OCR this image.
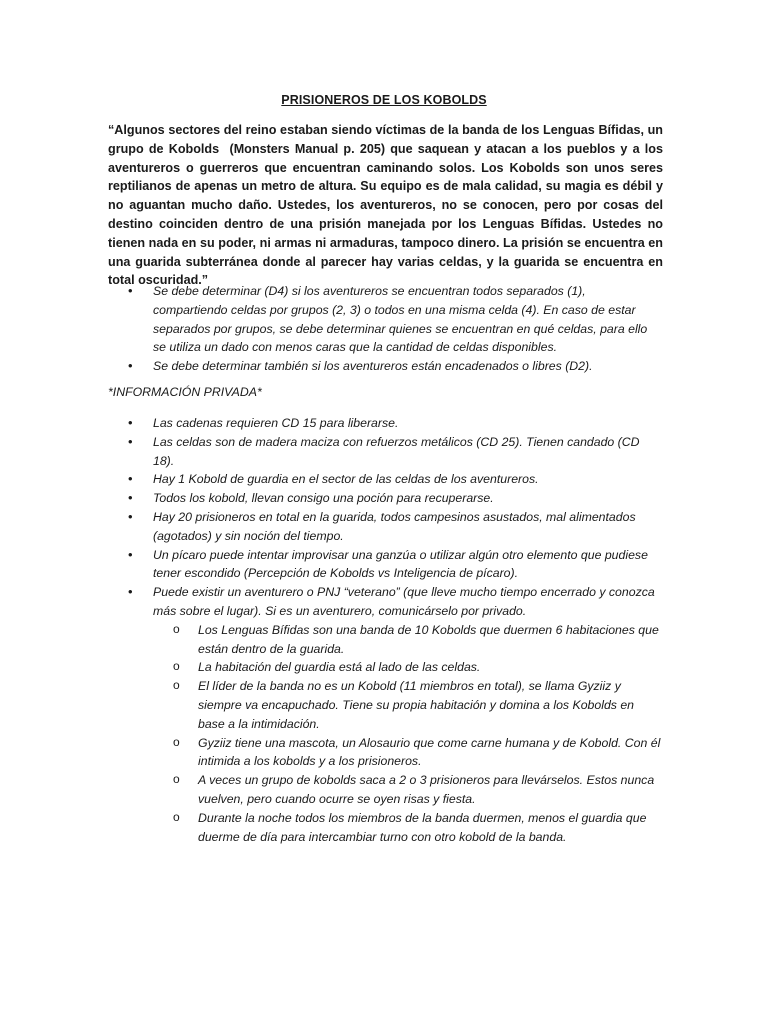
PRISIONEROS DE LOS KOBOLDS

“Algunos sectores del reino estaban siendo víctimas de la banda de los Lenguas Bífidas, un grupo de Kobolds (Monsters Manual p. 205) que saquean y atacan a los pueblos y a los aventureros o guerreros que encuentran caminando solos. Los Kobolds son unos seres reptilianos de apenas un metro de altura. Su equipo es de mala calidad, su magia es débil y no aguantan mucho daño. Ustedes, los aventureros, no se conocen, pero por cosas del destino coinciden dentro de una prisión manejada por los Lenguas Bífidas. Ustedes no tienen nada en su poder, ni armas ni armaduras, tampoco dinero. La prisión se encuentra en una guarida subterránea donde al parecer hay varias celdas, y la guarida se encuentra en total oscuridad.”

• Se debe determinar (D4) si los aventureros se encuentran todos separados (1), compartiendo celdas por grupos (2, 3) o todos en una misma celda (4). En caso de estar separados por grupos, se debe determinar quienes se encuentran en qué celdas, para ello se utiliza un dado con menos caras que la cantidad de celdas disponibles.
• Se debe determinar también si los aventureros están encadenados o libres (D2).

*INFORMACIÓN PRIVADA*

• Las cadenas requieren CD 15 para liberarse.
• Las celdas son de madera maciza con refuerzos metálicos (CD 25). Tienen candado (CD 18).
• Hay 1 Kobold de guardia en el sector de las celdas de los aventureros.
• Todos los kobold, llevan consigo una poción para recuperarse.
• Hay 20 prisioneros en total en la guarida, todos campesinos asustados, mal alimentados (agotados) y sin noción del tiempo.
• Un pícaro puede intentar improvisar una ganzúa o utilizar algún otro elemento que pudiese tener escondido (Percepción de Kobolds vs Inteligencia de pícaro).
• Puede existir un aventurero o PNJ “veterano” (que lleve mucho tiempo encerrado y conozca más sobre el lugar). Si es un aventurero, comunicárselo por privado.
o Los Lenguas Bífidas son una banda de 10 Kobolds que duermen 6 habitaciones que están dentro de la guarida.
o La habitación del guardia está al lado de las celdas.
o El líder de la banda no es un Kobold (11 miembros en total), se llama Gyziiz y siempre va encapuchado. Tiene su propia habitación y domina a los Kobolds en base a la intimidación.
o Gyziiz tiene una mascota, un Alosaurio que come carne humana y de Kobold. Con él intimida a los kobolds y a los prisioneros.
o A veces un grupo de kobolds saca a 2 o 3 prisioneros para llevárselos. Estos nunca vuelven, pero cuando ocurre se oyen risas y fiesta.
o Durante la noche todos los miembros de la banda duermen, menos el guardia que duerme de día para intercambiar turno con otro kobold de la banda.
